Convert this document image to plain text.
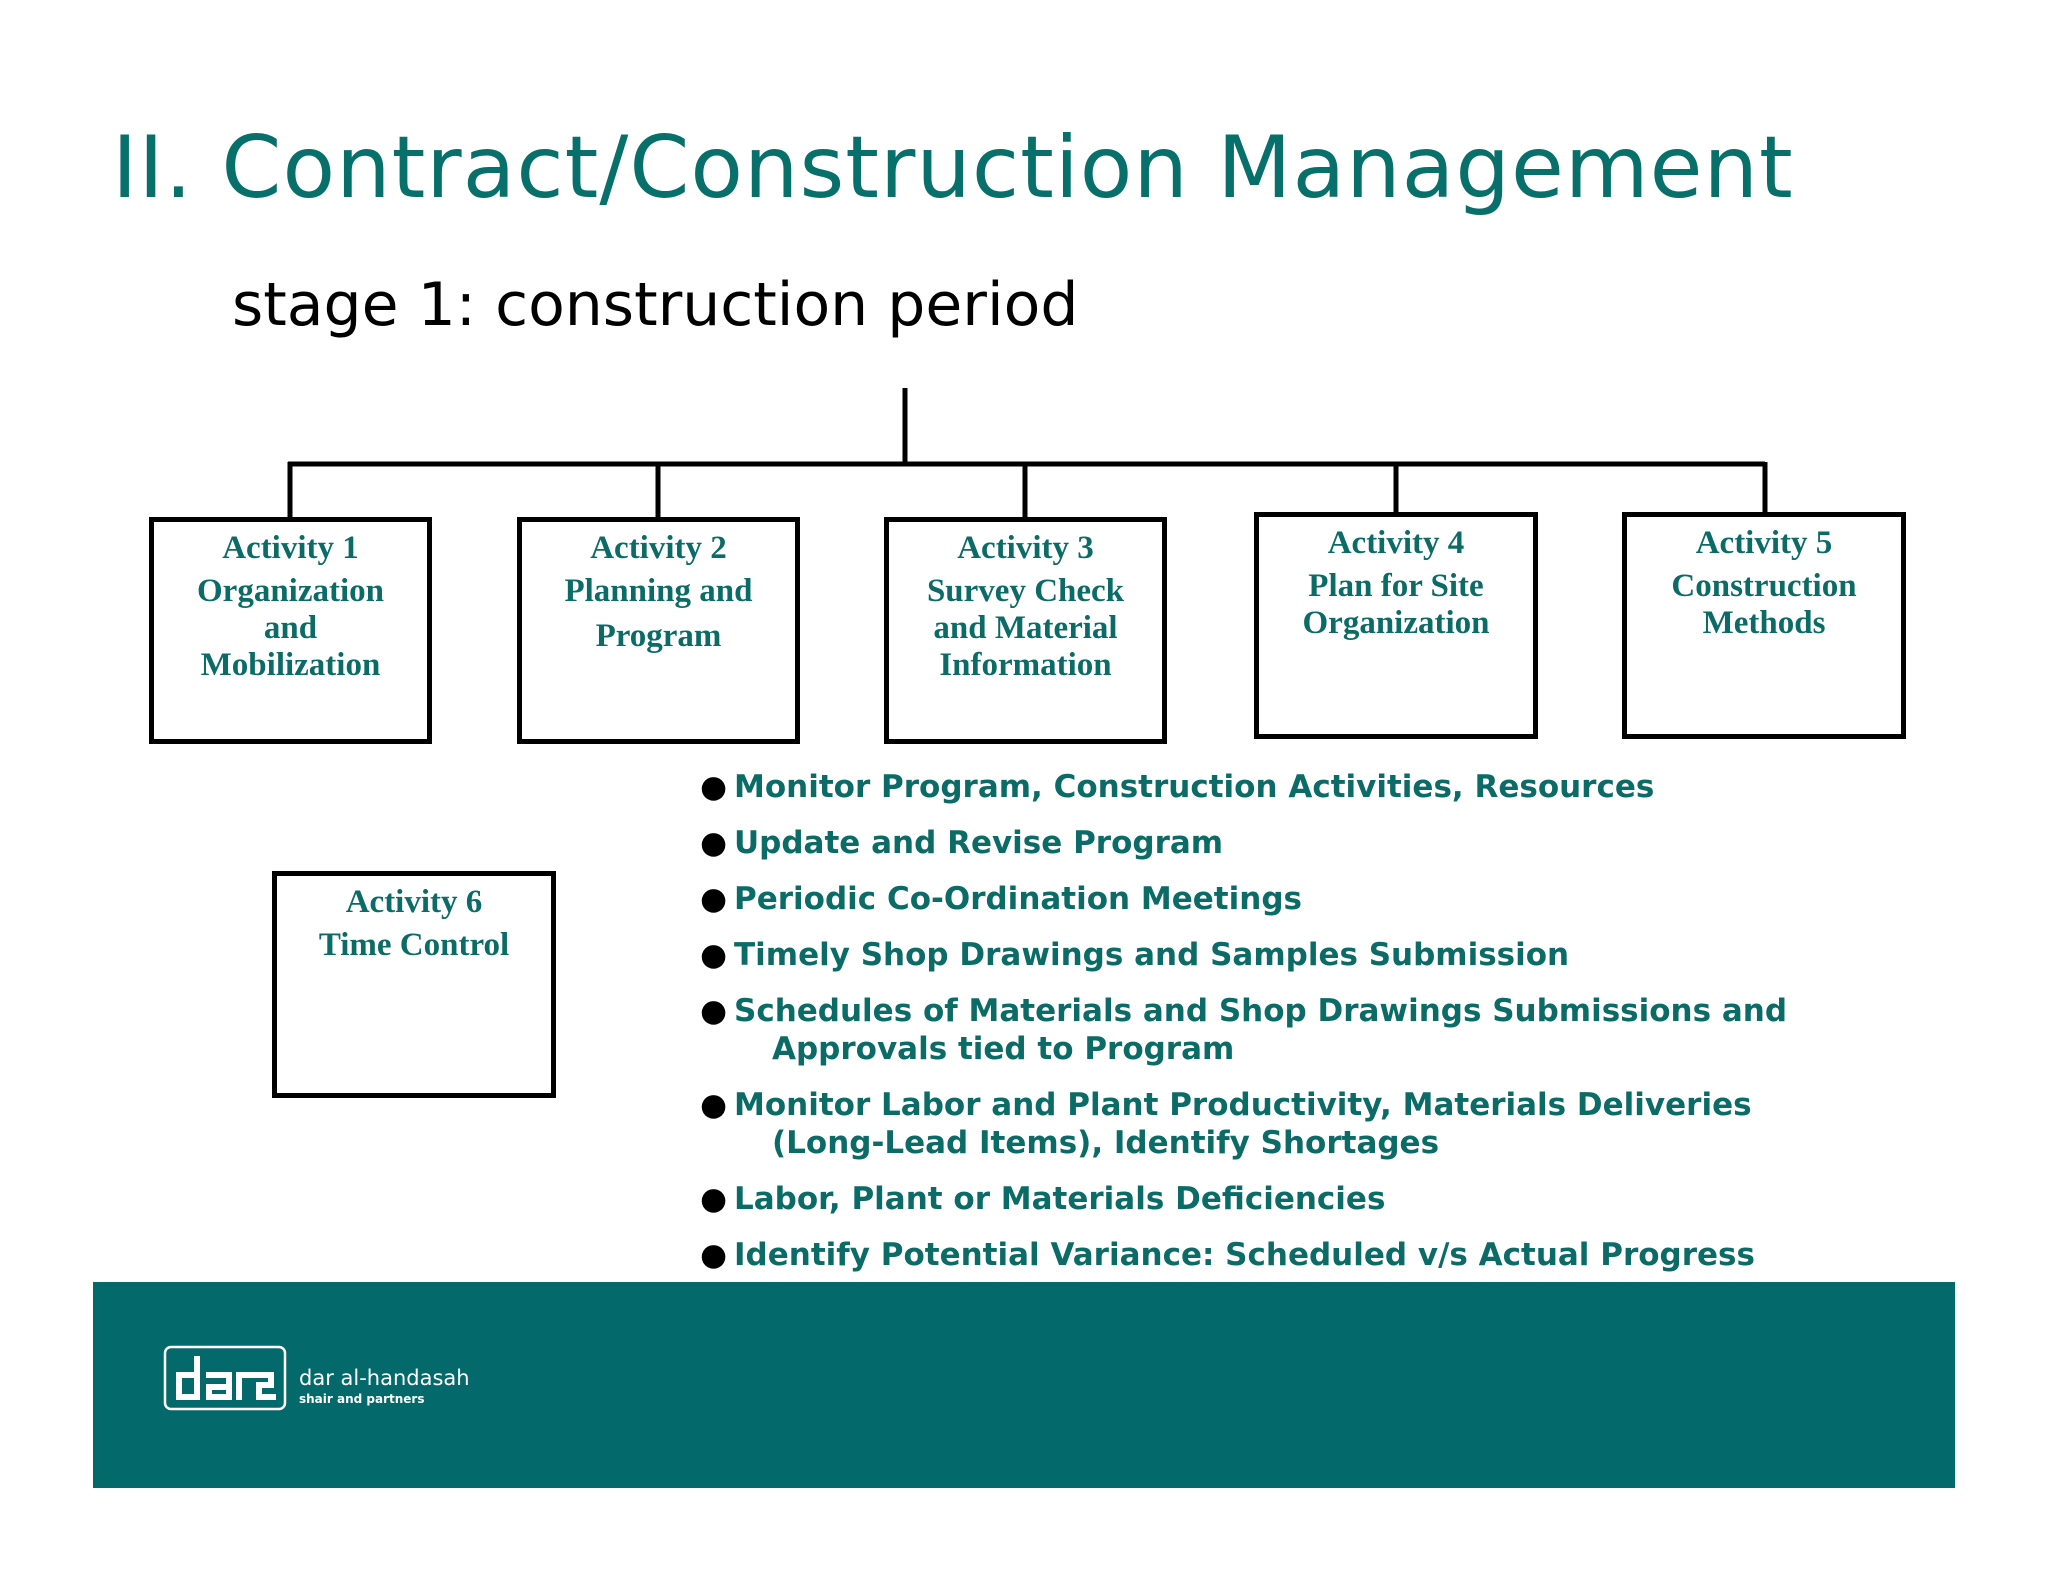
II. Contract/Construction Management
stage 1: construction period
Activity 1
Organization
and
Mobilization
Activity 2
Planning and
Program
Activity 3
Survey Check
and Material
Information
Activity 4
Plan for Site
Organization
Activity 5
Construction
Methods
Activity 6
Time Control
● Monitor Program, Construction Activities, Resources
● Update and Revise Program
● Periodic Co-Ordination Meetings
● Timely Shop Drawings and Samples Submission
● Schedules of Materials and Shop Drawings Submissions and
Approvals tied to Program
● Monitor Labor and Plant Productivity, Materials Deliveries
(Long-Lead Items), Identify Shortages
● Labor, Plant or Materials Deficiencies
● Identify Potential Variance: Scheduled v/s Actual Progress
dar al-handasah
shair and partners
